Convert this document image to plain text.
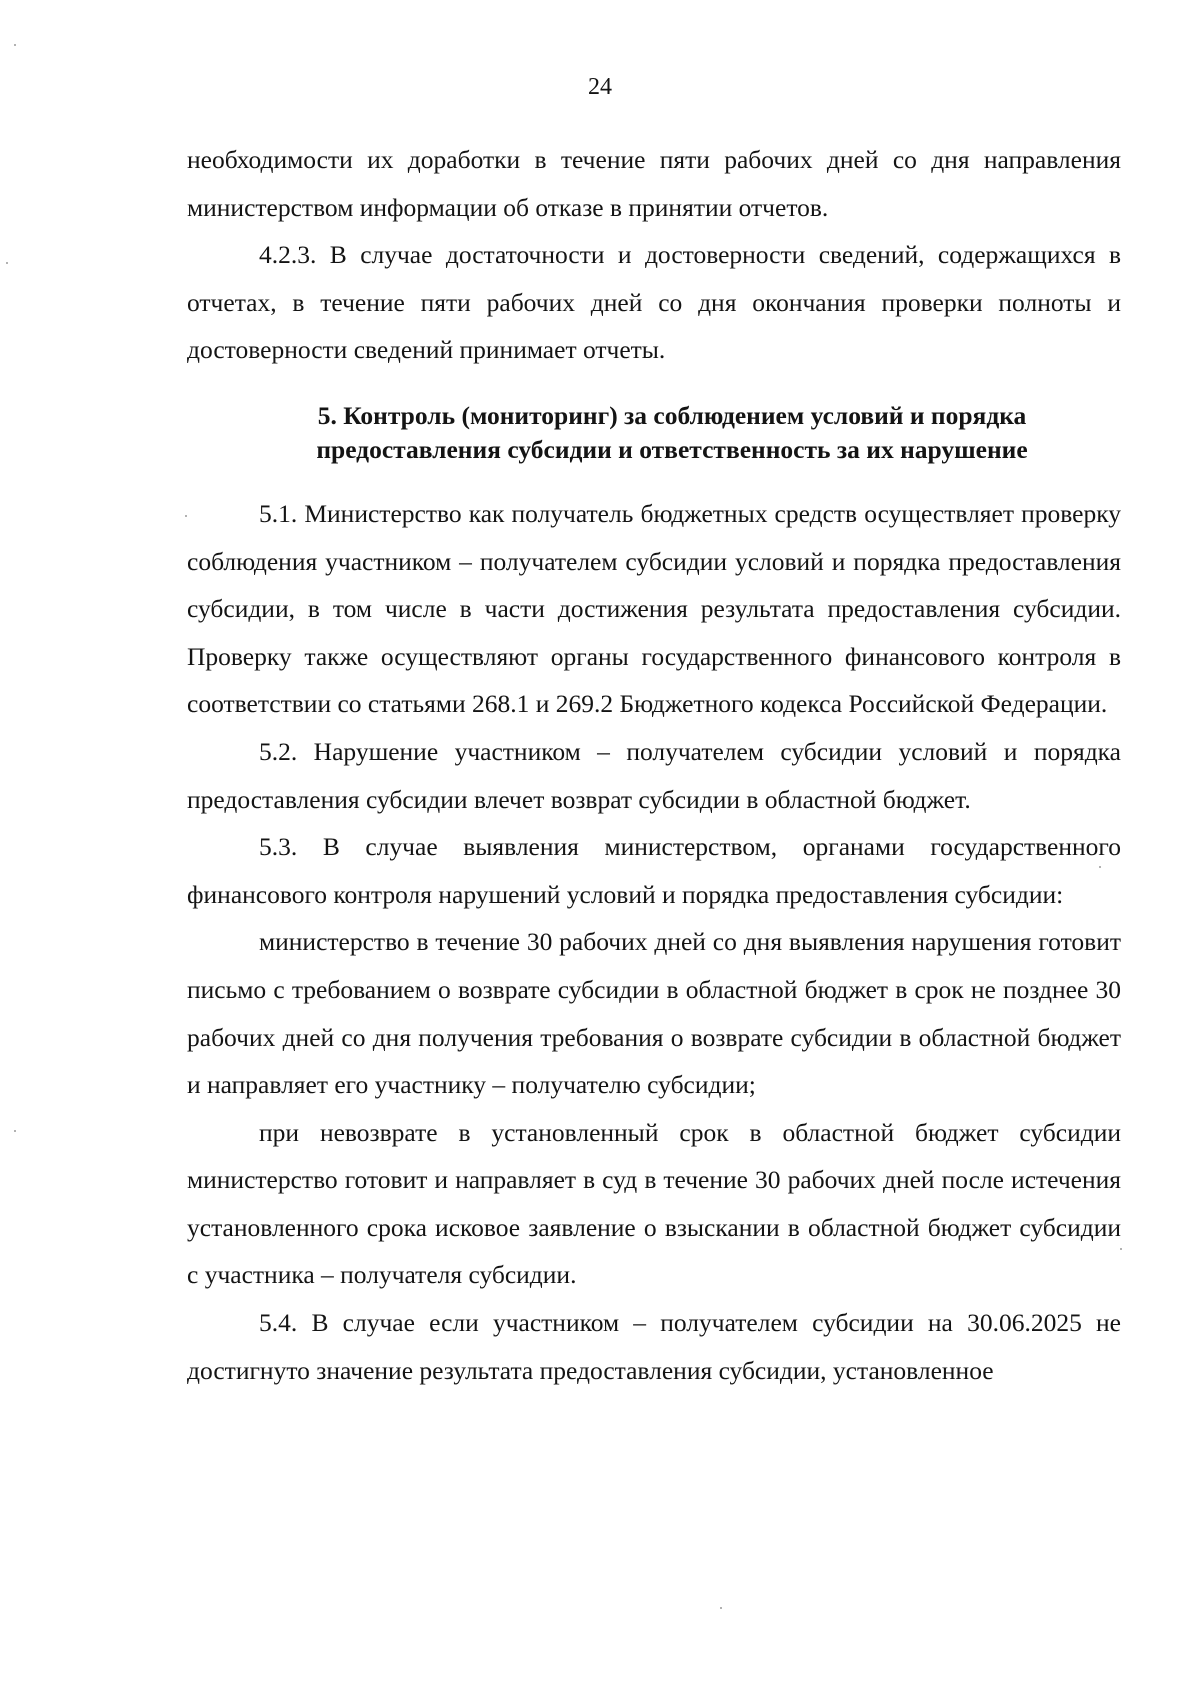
24

необходимости их доработки в течение пяти рабочих дней со дня направления министерством информации об отказе в принятии отчетов.

4.2.3. В случае достаточности и достоверности сведений, содержащихся в отчетах, в течение пяти рабочих дней со дня окончания проверки полноты и достоверности сведений принимает отчеты.

5. Контроль (мониторинг) за соблюдением условий и порядка
предоставления субсидии и ответственность за их нарушение

5.1. Министерство как получатель бюджетных средств осуществляет проверку соблюдения участником – получателем субсидии условий и порядка предоставления субсидии, в том числе в части достижения результата предоставления субсидии. Проверку также осуществляют органы государственного финансового контроля в соответствии со статьями 268.1 и 269.2 Бюджетного кодекса Российской Федерации.

5.2. Нарушение участником – получателем субсидии условий и порядка предоставления субсидии влечет возврат субсидии в областной бюджет.

5.3. В случае выявления министерством, органами государственного финансового контроля нарушений условий и порядка предоставления субсидии:

министерство в течение 30 рабочих дней со дня выявления нарушения готовит письмо с требованием о возврате субсидии в областной бюджет в срок не позднее 30 рабочих дней со дня получения требования о возврате субсидии в областной бюджет и направляет его участнику – получателю субсидии;

при невозврате в установленный срок в областной бюджет субсидии министерство готовит и направляет в суд в течение 30 рабочих дней после истечения установленного срока исковое заявление о взыскании в областной бюджет субсидии с участника – получателя субсидии.

5.4. В случае если участником – получателем субсидии на 30.06.2025 не достигнуто значение результата предоставления субсидии, установленное
